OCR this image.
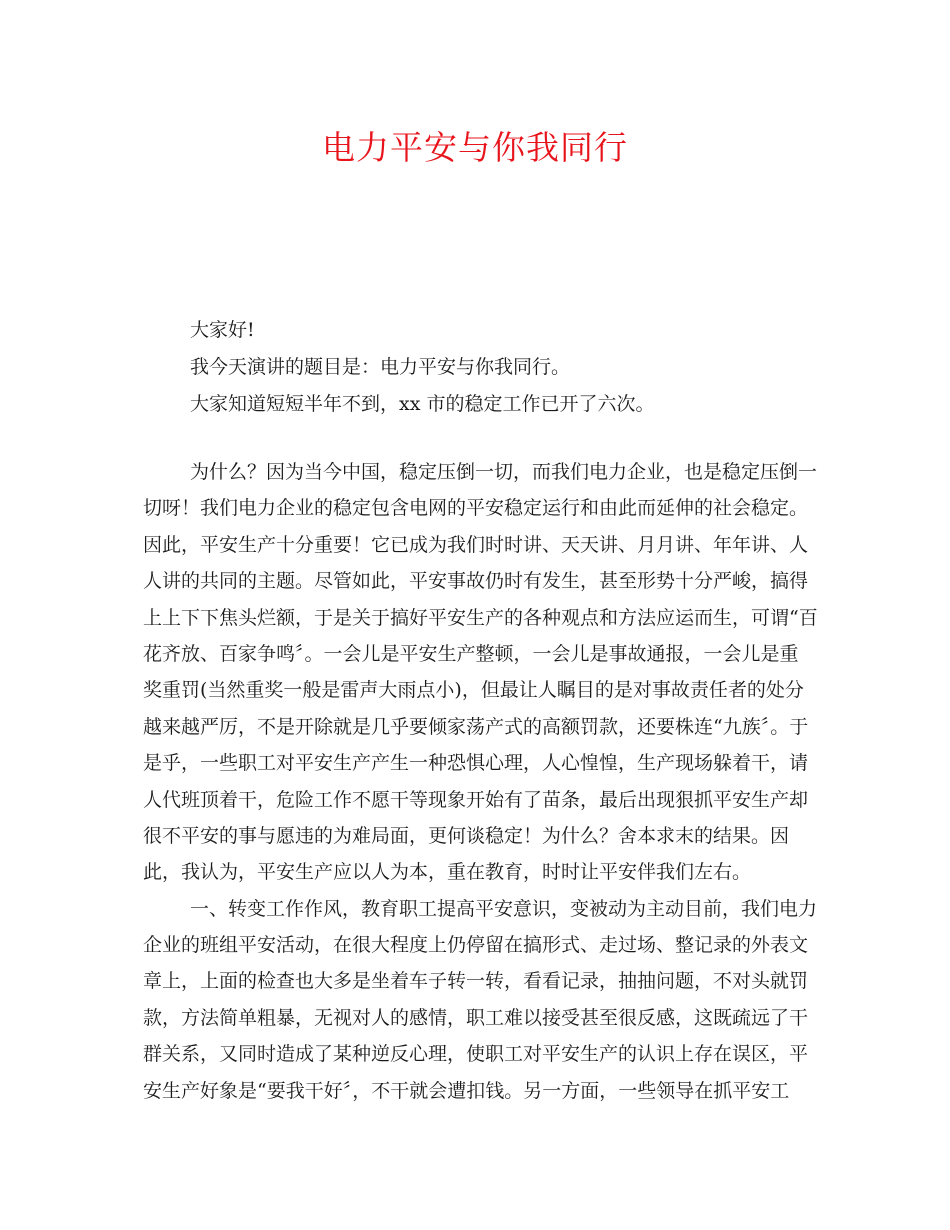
电力平安与你我同行

大家好!

我今天演讲的题目是：电力平安与你我同行。

大家知道短短半年不到，xx 市的稳定工作已开了六次。

为什么？因为当今中国，稳定压倒一切，而我们电力企业，也是稳定压倒一
切呀！我们电力企业的稳定包含电网的平安稳定运行和由此而延伸的社会稳定。
因此，平安生产十分重要！它已成为我们时时讲、天天讲、月月讲、年年讲、人
人讲的共同的主题。尽管如此，平安事故仍时有发生，甚至形势十分严峻，搞得
上上下下焦头烂额，于是关于搞好平安生产的各种观点和方法应运而生，可谓“百
花齐放、百家争鸣〞。一会儿是平安生产整顿，一会儿是事故通报，一会儿是重
奖重罚(当然重奖一般是雷声大雨点小)，但最让人瞩目的是对事故责任者的处分
越来越严厉，不是开除就是几乎要倾家荡产式的高额罚款，还要株连“九族〞。于
是乎，一些职工对平安生产产生一种恐惧心理，人心惶惶，生产现场躲着干，请
人代班顶着干，危险工作不愿干等现象开始有了苗条，最后出现狠抓平安生产却
很不平安的事与愿违的为难局面，更何谈稳定！为什么？舍本求末的结果。因
此，我认为，平安生产应以人为本，重在教育，时时让平安伴我们左右。
一、转变工作作风，教育职工提高平安意识，变被动为主动目前，我们电力
企业的班组平安活动，在很大程度上仍停留在搞形式、走过场、整记录的外表文
章上，上面的检查也大多是坐着车子转一转，看看记录，抽抽问题，不对头就罚
款，方法简单粗暴，无视对人的感情，职工难以接受甚至很反感，这既疏远了干
群关系，又同时造成了某种逆反心理，使职工对平安生产的认识上存在误区，平
安生产好象是“要我干好〞，不干就会遭扣钱。另一方面，一些领导在抓平安工
